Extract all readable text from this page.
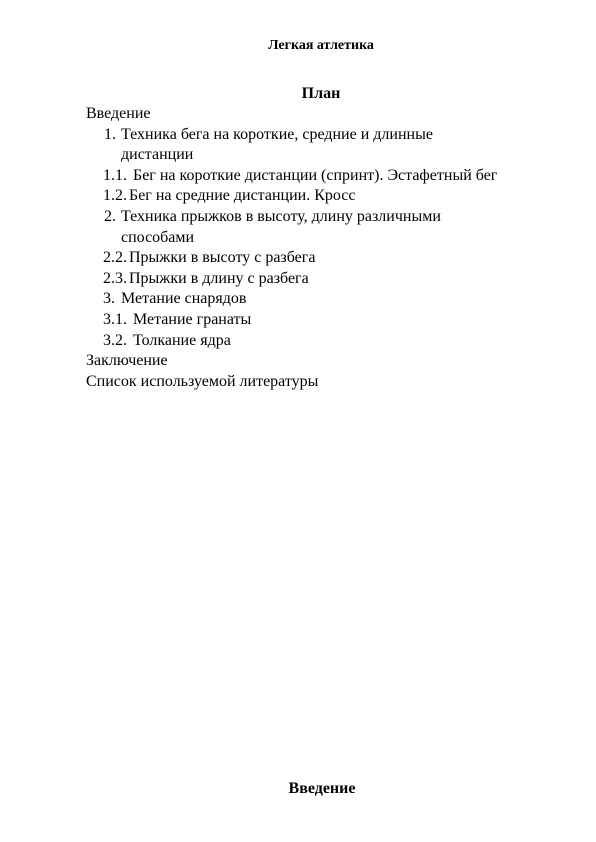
Легкая атлетика
План
Введение
1. Техника бега на короткие, средние и длинные дистанции
1.1. Бег на короткие дистанции (спринт). Эстафетный бег
1.2. Бег на средние дистанции. Кросс
2. Техника прыжков в высоту, длину различными способами
2.2. Прыжки в высоту с разбега
2.3. Прыжки в длину с разбега
3. Метание снарядов
3.1. Метание гранаты
3.2. Толкание ядра
Заключение
Список используемой литературы
Введение
